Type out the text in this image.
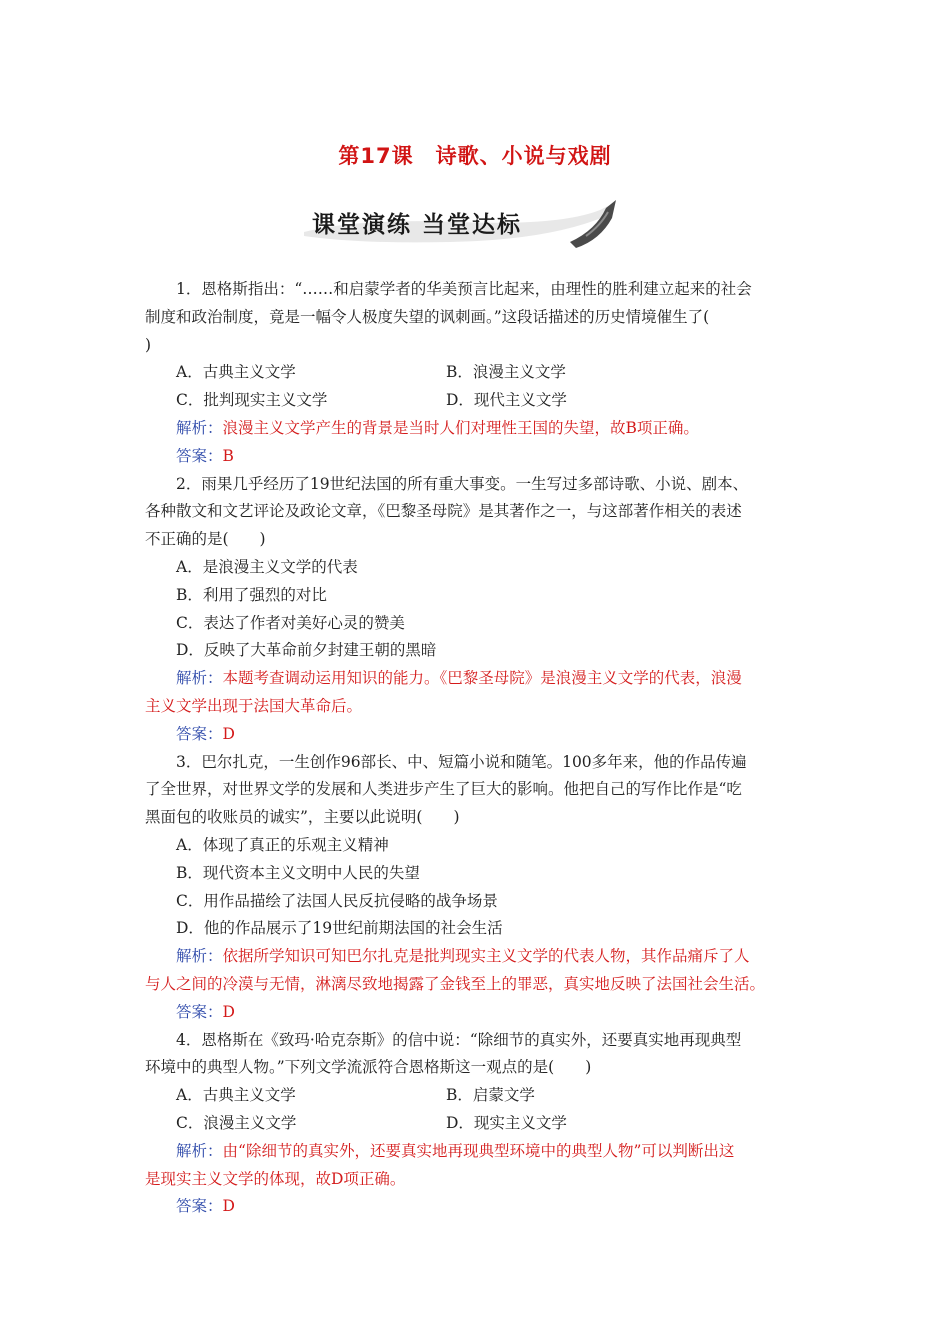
第17课　诗歌、小说与戏剧
课堂演练 当堂达标

1．恩格斯指出：“……和启蒙学者的华美预言比起来，由理性的胜利建立起来的社会

制度和政治制度，竟是一幅令人极度失望的讽刺画。”这段话描述的历史情境催生了(

)

A．古典主义文学	B．浪漫主义文学
C．批判现实主义文学	D．现代主义文学

解析：浪漫主义文学产生的背景是当时人们对理性王国的失望，故B项正确。

答案：B

2．雨果几乎经历了19世纪法国的所有重大事变。一生写过多部诗歌、小说、剧本、

各种散文和文艺评论及政论文章，《巴黎圣母院》是其著作之一，与这部著作相关的表述

不正确的是(　　)

A．是浪漫主义文学的代表

B．利用了强烈的对比

C．表达了作者对美好心灵的赞美

D．反映了大革命前夕封建王朝的黑暗

解析：本题考查调动运用知识的能力。《巴黎圣母院》是浪漫主义文学的代表，浪漫

主义文学出现于法国大革命后。

答案：D

3．巴尔扎克，一生创作96部长、中、短篇小说和随笔。100多年来，他的作品传遍

了全世界，对世界文学的发展和人类进步产生了巨大的影响。他把自己的写作比作是“吃

黑面包的收账员的诚实”，主要以此说明(　　)

A．体现了真正的乐观主义精神

B．现代资本主义文明中人民的失望

C．用作品描绘了法国人民反抗侵略的战争场景

D．他的作品展示了19世纪前期法国的社会生活

解析：依据所学知识可知巴尔扎克是批判现实主义文学的代表人物，其作品痛斥了人

与人之间的冷漠与无情，淋漓尽致地揭露了金钱至上的罪恶，真实地反映了法国社会生活。

答案：D

4．恩格斯在《致玛·哈克奈斯》的信中说：“除细节的真实外，还要真实地再现典型

环境中的典型人物。”下列文学流派符合恩格斯这一观点的是(　　)

A．古典主义文学	B．启蒙文学
C．浪漫主义文学	D．现实主义文学

解析：由“除细节的真实外，还要真实地再现典型环境中的典型人物”可以判断出这

是现实主义文学的体现，故D项正确。

答案：D
